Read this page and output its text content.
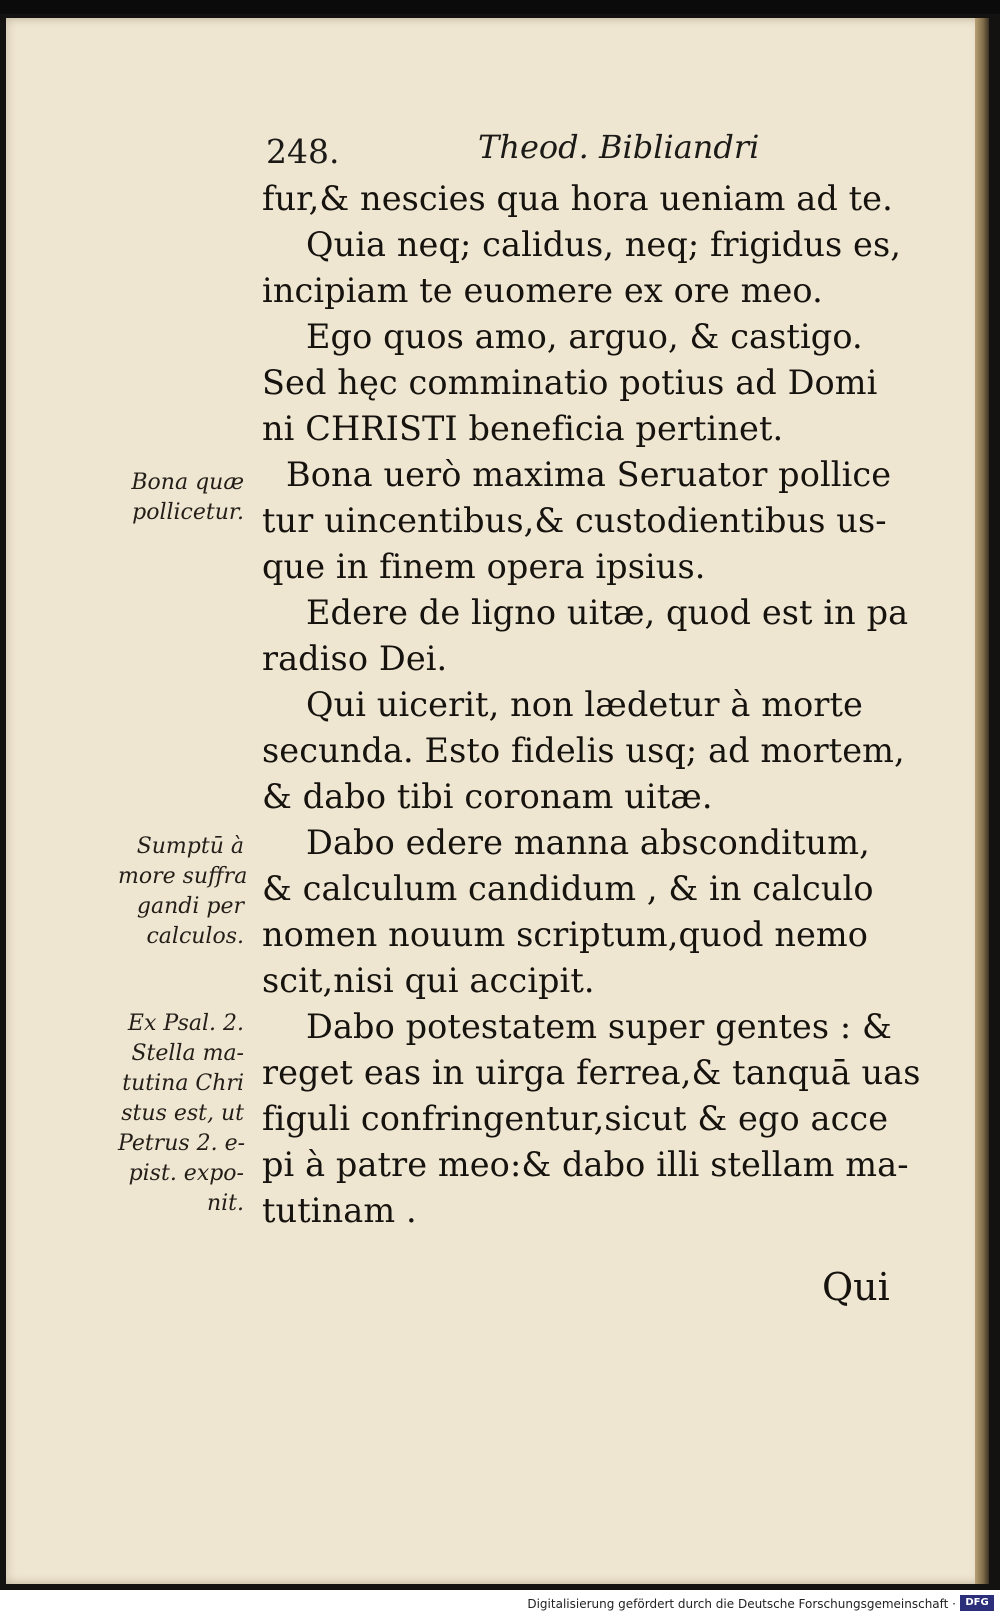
248.	Theod. Bibliandri
fur,& nescies qua hora ueniam ad te.
Quia neq; calidus, neq; frigidus es,
incipiam te euomere ex ore meo.
Ego quos amo, arguo, & castigo.
Sed hęc comminatio potius ad Domi
ni CHRISTI beneficia pertinet.
Bona uerò maxima Seruator pollice
tur uincentibus,& custodientibus us-
que in finem opera ipsius.
Edere de ligno uitæ, quod est in pa
radiso Dei.
Qui uicerit, non lædetur à morte
secunda. Esto fidelis usq; ad mortem,
& dabo tibi coronam uitæ.
Dabo edere manna absconditum,
& calculum candidum , & in calculo
nomen nouum scriptum,quod nemo
scit,nisi qui accipit.
Dabo potestatem super gentes : &
reget eas in uirga ferrea,& tanquā uas
figuli confringentur,sicut & ego acce
pi à patre meo:& dabo illi stellam ma-
tutinam .
Qui
Bona quæ
pollicetur.
Sumptū à
more suffra
gandi per
calculos.
Ex Psal. 2.
Stella ma-
tutina Chri
stus est, ut
Petrus 2. e-
pist. expo-
nit.
Digitalisierung gefördert durch die Deutsche Forschungsgemeinschaft · DFG
